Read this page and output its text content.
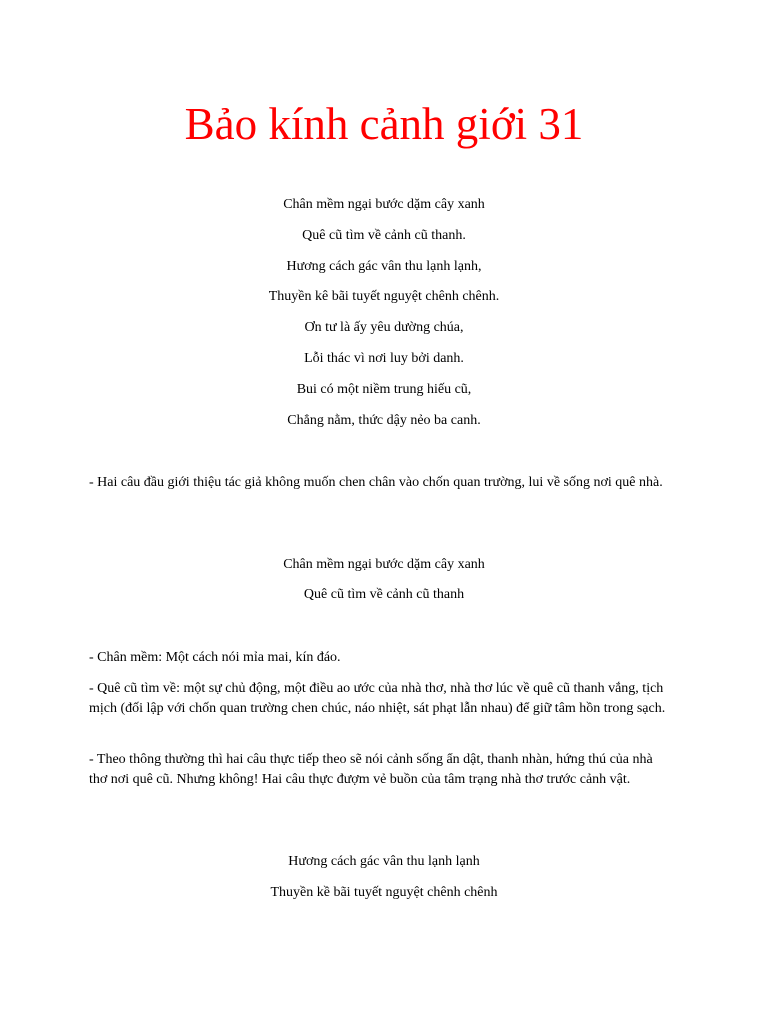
Bảo kính cảnh giới 31

Chân mềm ngại bước dặm cây xanh

Quê cũ tìm về cảnh cũ thanh.

Hương cách gác vân thu lạnh lạnh,

Thuyền kê bãi tuyết nguyệt chênh chênh.

Ơn tư là ấy yêu dường chúa,

Lỗi thác vì nơi luy bởi danh.

Bui có một niềm trung hiếu cũ,

Chẳng nằm, thức dậy nẻo ba canh.

- Hai câu đầu giới thiệu tác giả không muốn chen chân vào chốn quan trường, lui về sống nơi quê nhà.

Chân mềm ngại bước dặm cây xanh

Quê cũ tìm về cảnh cũ thanh

- Chân mềm: Một cách nói mỉa mai, kín đáo.

- Quê cũ tìm về: một sự chủ động, một điều ao ước của nhà thơ, nhà thơ lúc về quê cũ thanh vắng, tịch mịch (đối lập với chốn quan trường chen chúc, náo nhiệt, sát phạt lẫn nhau) để giữ tâm hồn trong sạch.

- Theo thông thường thì hai câu thực tiếp theo sẽ nói cảnh sống ẩn dật, thanh nhàn, hứng thú của nhà thơ nơi quê cũ. Nhưng không! Hai câu thực đượm vẻ buồn của tâm trạng nhà thơ trước cảnh vật.

Hương cách gác vân thu lạnh lạnh

Thuyền kề bãi tuyết nguyệt chênh chênh
